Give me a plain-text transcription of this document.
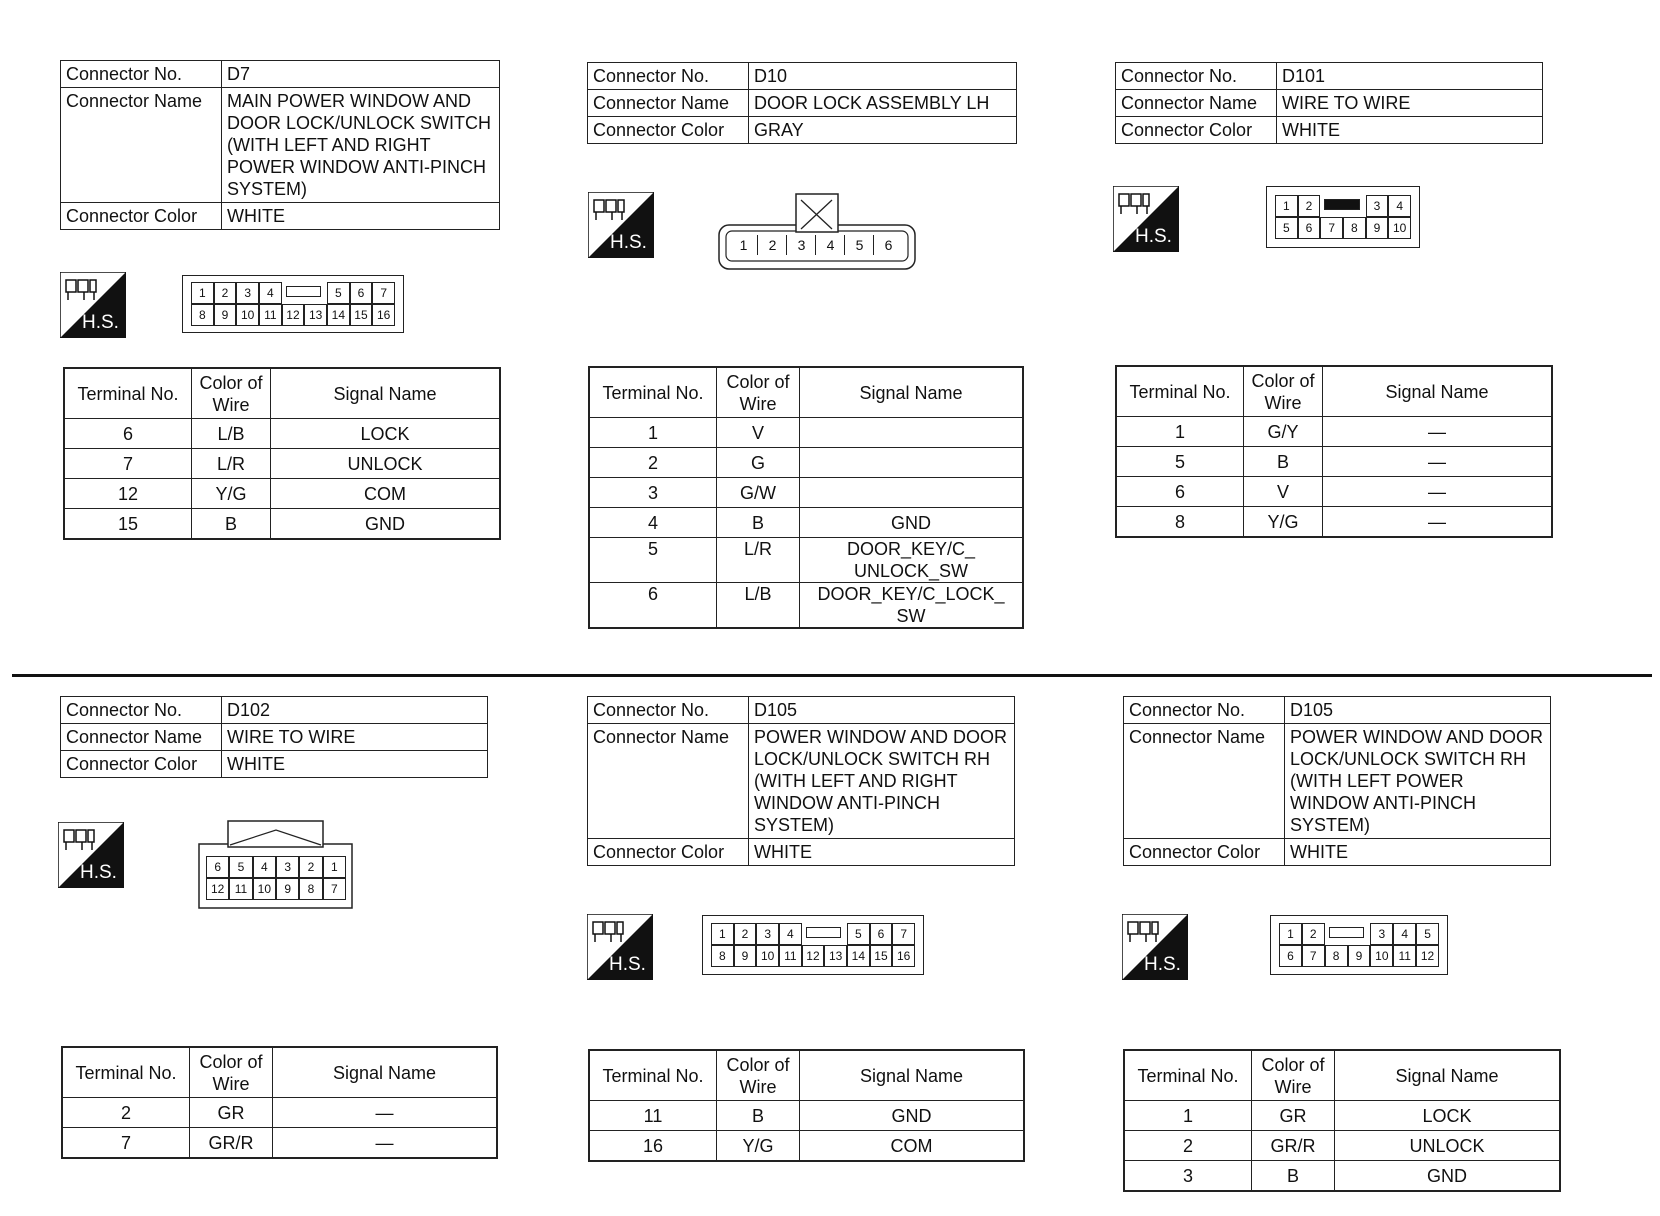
Connector No.	D7
Connector Name	MAIN POWER WINDOW AND DOOR LOCK/UNLOCK SWITCH (WITH LEFT AND RIGHT POWER WINDOW ANTI-PINCH SYSTEM)
Connector Color	WHITE
H.S.
1	2	3	4	5	6	7
8	9	10 11 12 13 14 15 16
Terminal No.	Color of Wire	Signal Name
6	L/B	LOCK
7	L/R	UNLOCK
12	Y/G	COM
15	B	GND
Connector No.	D10
Connector Name	DOOR LOCK ASSEMBLY LH
Connector Color	GRAY
H.S.	1	2	3	4	5	6
Terminal No.	Color of Wire	Signal Name
1	V	
2	G	
3	G/W	
4	B	GND
5	L/R	DOOR_KEY/C_ UNLOCK_SW
6	L/B	DOOR_KEY/C_LOCK_ SW
Connector No.	D101
Connector Name	WIRE TO WIRE
Connector Color	WHITE
H.S.
1	2	3	4
5	6	7	8	9	10
Terminal No.	Color of Wire	Signal Name
1	G/Y	—
5	B	—
6	V	—
8	Y/G	—
Connector No.	D102
Connector Name	WIRE TO WIRE
Connector Color	WHITE
H.S.	6	5	4	3	2	1
12 11 10	9	8	7
Terminal No.	Color of Wire	Signal Name
2	GR	—
7	GR/R	—
Connector No.	D105
Connector Name	POWER WINDOW AND DOOR LOCK/UNLOCK SWITCH RH (WITH LEFT AND RIGHT WINDOW ANTI-PINCH SYSTEM)
Connector Color	WHITE
H.S.
1	2	3	4	5	6	7
8	9	10 11 12 13 14 15 16
Terminal No.	Color of Wire	Signal Name
11	B	GND
16	Y/G	COM
Connector No.	D105
Connector Name	POWER WINDOW AND DOOR LOCK/UNLOCK SWITCH RH (WITH LEFT POWER WINDOW ANTI-PINCH SYSTEM)
Connector Color	WHITE
H.S.
1	2	3	4	5
6	7	8	9	10 11 12
Terminal No.	Color of Wire	Signal Name
1	GR	LOCK
2	GR/R	UNLOCK
3	B	GND
